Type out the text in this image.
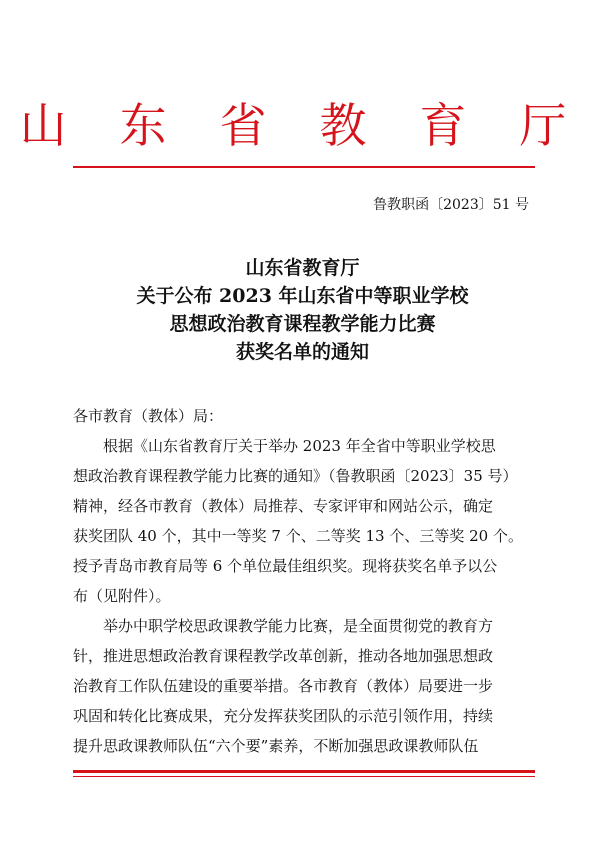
山 东 省 教 育 厅
鲁教职函〔2023〕51 号
山东省教育厅
关于公布 2023 年山东省中等职业学校
思想政治教育课程教学能力比赛
获奖名单的通知
各市教育（教体）局：
根据《山东省教育厅关于举办 2023 年全省中等职业学校思
想政治教育课程教学能力比赛的通知》（鲁教职函〔2023〕35 号）
精神，经各市教育（教体）局推荐、专家评审和网站公示，确定
获奖团队 40 个，其中一等奖 7 个、二等奖 13 个、三等奖 20 个。
授予青岛市教育局等 6 个单位最佳组织奖。现将获奖名单予以公
布（见附件）。
举办中职学校思政课教学能力比赛，是全面贯彻党的教育方
针，推进思想政治教育课程教学改革创新，推动各地加强思想政
治教育工作队伍建设的重要举措。各市教育（教体）局要进一步
巩固和转化比赛成果，充分发挥获奖团队的示范引领作用，持续
提升思政课教师队伍“六个要”素养，不断加强思政课教师队伍
